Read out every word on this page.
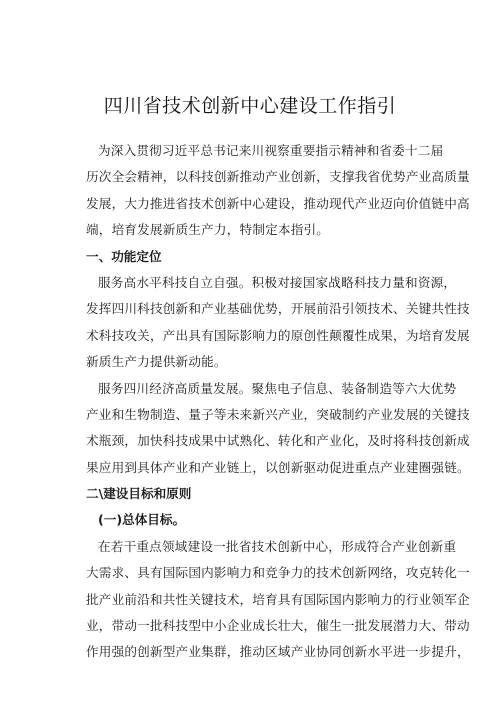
四川省技术创新中心建设工作指引
为深入贯彻习近平总书记来川视察重要指示精神和省委十二届
历次全会精神，以科技创新推动产业创新，支撑我省优势产业高质量
发展，大力推进省技术创新中心建设，推动现代产业迈向价值链中高
端，培育发展新质生产力，特制定本指引。
一、功能定位
服务高水平科技自立自强。积极对接国家战略科技力量和资源，
发挥四川科技创新和产业基础优势，开展前沿引领技术、关键共性技
术科技攻关，产出具有国际影响力的原创性颠覆性成果，为培育发展
新质生产力提供新动能。
服务四川经济高质量发展。聚焦电子信息、装备制造等六大优势
产业和生物制造、量子等未来新兴产业，突破制约产业发展的关键技
术瓶颈，加快科技成果中试熟化、转化和产业化，及时将科技创新成
果应用到具体产业和产业链上，以创新驱动促进重点产业建圈强链。
二\建设目标和原则
(一)总体目标。
在若干重点领域建设一批省技术创新中心，形成符合产业创新重
大需求、具有国际国内影响力和竞争力的技术创新网络，攻克转化一
批产业前沿和共性关键技术，培育具有国际国内影响力的行业领军企
业，带动一批科技型中小企业成长壮大，催生一批发展潜力大、带动
作用强的创新型产业集群，推动区域产业协同创新水平进一步提升，
